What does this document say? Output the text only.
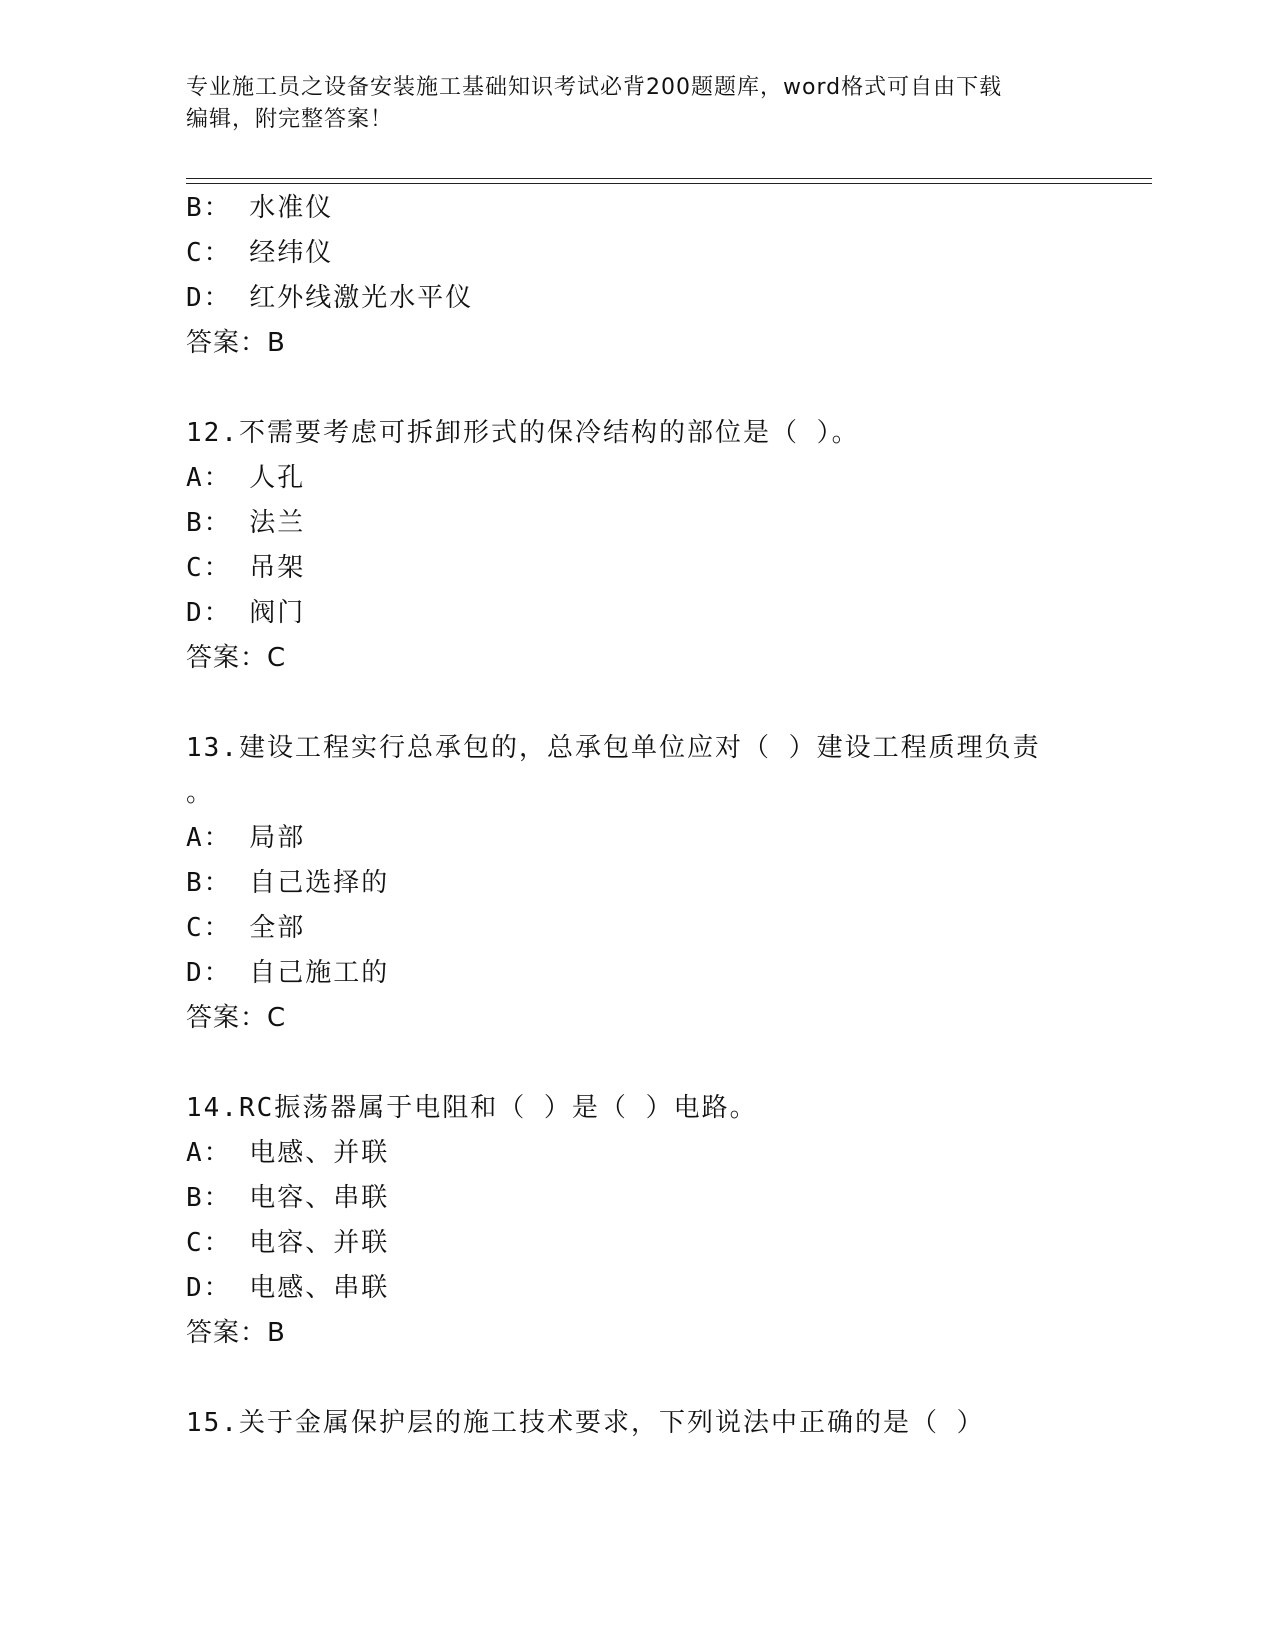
专业施工员之设备安装施工基础知识考试必背200题题库，word格式可自由下载
编辑，附完整答案！
B： 水准仪
C： 经纬仪
D： 红外线激光水平仪
答案：B
12.不需要考虑可拆卸形式的保冷结构的部位是（ ）。
A： 人孔
B： 法兰
C： 吊架
D： 阀门
答案：C
13.建设工程实行总承包的，总承包单位应对（ ）建设工程质理负责
。
A： 局部
B： 自己选择的
C： 全部
D： 自己施工的
答案：C
14.RC振荡器属于电阻和（ ）是（ ）电路。
A： 电感、并联
B： 电容、串联
C： 电容、并联
D： 电感、串联
答案：B
15.关于金属保护层的施工技术要求，下列说法中正确的是（ ）
